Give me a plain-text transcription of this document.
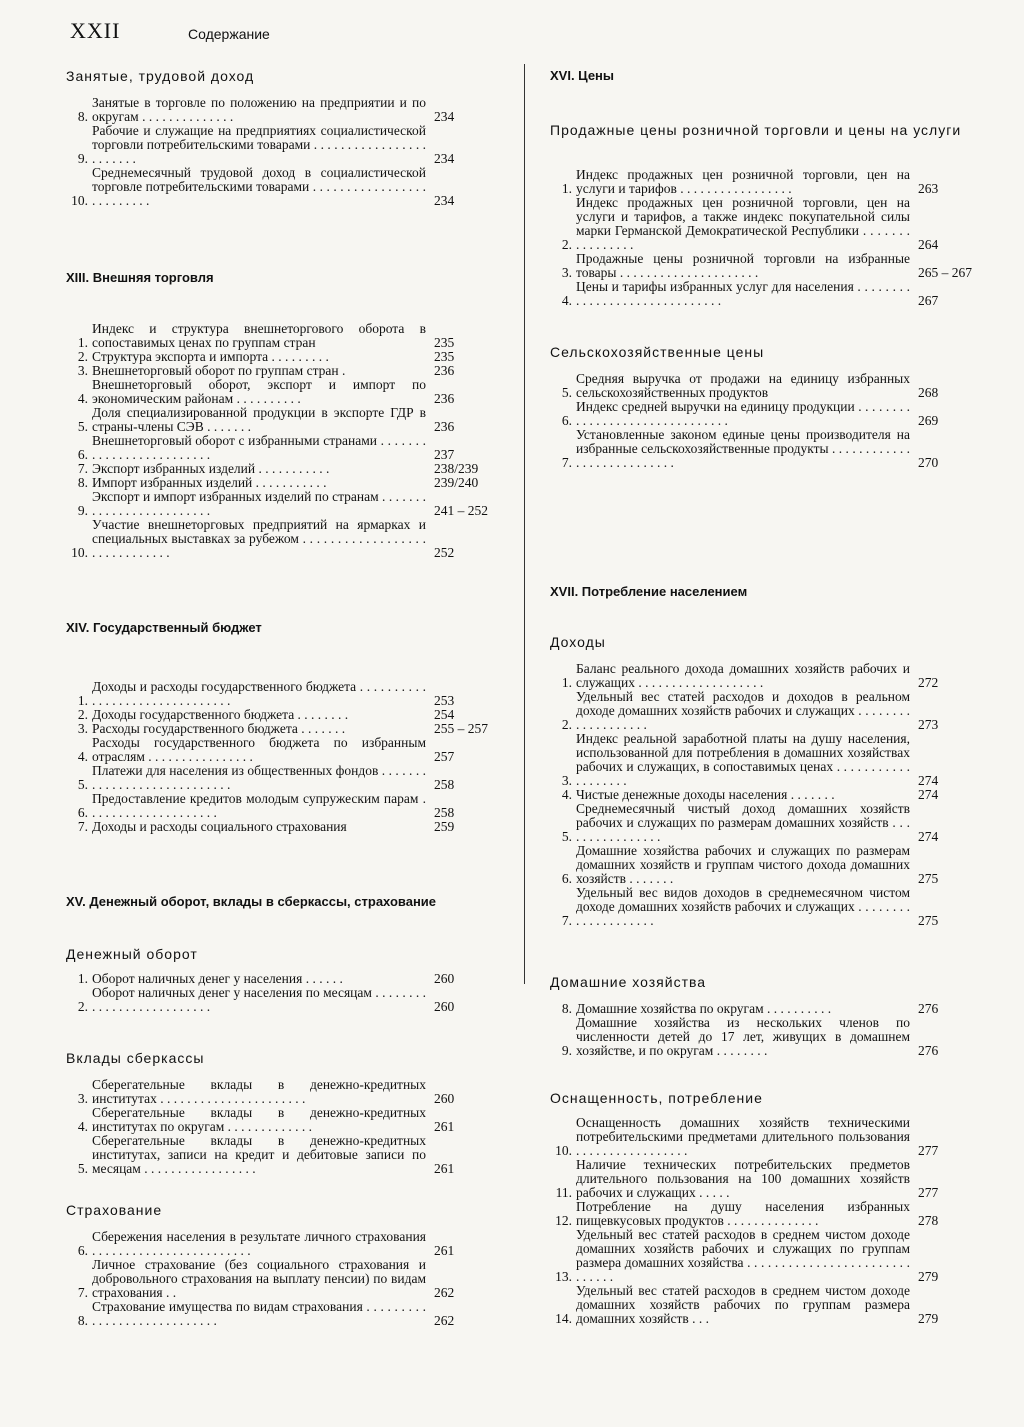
XXII	Содержание
Занятые, трудовой доход
8.
Занятые в торговле по положению на предприятии и по округам . . . . . . . . . . . . . .	234
9.
Рабочие и служащие на предприятиях социалистической торговли потребительскими товарами . . . . . . . . . . . . . . . . . . . . . . . .	234
10.
Среднемесячный трудовой доход в социалистической торговле потребительскими товарами . . . . . . . . . . . . . . . . . . . . . . . . . .	234
XIII. Внешняя торговля
1.
Индекс и структура внешнеторгового оборота в сопоставимых ценах по группам стран	235
2. Структура экспорта и импорта . . . . . . . . .	235
3. Внешнеторговый оборот по группам стран .	236
4.
Внешнеторговый оборот, экспорт и импорт по экономическим районам . . . . . . . . . .	236
5.
Доля специализированной продукции в экспорте ГДР в страны-члены СЭВ . . . . . . .	236
6.
Внешнеторговый оборот с избранными странами . . . . . . . . . . . . . . . . . . . . . . . . .	237
7. Экспорт избранных изделий . . . . . . . . . . .	238/239
8. Импорт избранных изделий . . . . . . . . . . .	239/240
9.
Экспорт и импорт избранных изделий по странам . . . . . . . . . . . . . . . . . . . . . . . . .	241 – 252
10.
Участие внешнеторговых предприятий на ярмарках и специальных выставках за рубежом . . . . . . . . . . . . . . . . . . . . . . . . . . . . . .	252
XIV. Государственный бюджет
1.
Доходы и расходы государственного бюджета . . . . . . . . . . . . . . . . . . . . . . . . . . . . . . .	253
2. Доходы государственного бюджета . . . . . . . .	254
3. Расходы государственного бюджета . . . . . . .	255 – 257
4.
Расходы государственного бюджета по избранным отраслям . . . . . . . . . . . . . . . .	257
5.
Платежи для населения из общественных фондов . . . . . . . . . . . . . . . . . . . . . . . . . . . .	258
6.
Предоставление кредитов молодым супружеским парам . . . . . . . . . . . . . . . . . . . .	258
7. Доходы и расходы социального страхования	259
XV. Денежный оборот, вклады в сберкассы, страхование
Денежный оборот
1. Оборот наличных денег у населения . . . . . .	260
2.
Оборот наличных денег у населения по месяцам . . . . . . . . . . . . . . . . . . . . . . . . . .	260
Вклады сберкассы
3.
Сберегательные вклады в денежно-кредитных институтах . . . . . . . . . . . . . . . . . . . . . .	260
4.
Сберегательные вклады в денежно-кредитных институтах по округам . . . . . . . . . . . . .	261
5.
Сберегательные вклады в денежно-кредитных институтах, записи на кредит и дебитовые записи по месяцам . . . . . . . . . . . . . . . . .	261
Страхование
6.
Сбережения населения в результате личного страхования . . . . . . . . . . . . . . . . . . . . . . . .	261
7.
Личное страхование (без социального страхования и добровольного страхования на выплату пенсии) по видам страхования . .	262
8.
Страхование имущества по видам страхования . . . . . . . . . . . . . . . . . . . . . . . . . . . .	262
XVI. Цены
Продажные цены розничной торговли и цены на услуги
1.
Индекс продажных цен розничной торговли, цен на услуги и тарифов . . . . . . . . . . . . . . . . .	263
2.
Индекс продажных цен розничной торговли, цен на услуги и тарифов, а также индекс покупательной силы марки Германской Демократической Республики . . . . . . . . . . . . . . . .	264
3.
Продажные цены розничной торговли на избранные товары . . . . . . . . . . . . . . . . . . . . .	265 – 267
4.
Цены и тарифы избранных услуг для населения . . . . . . . . . . . . . . . . . . . . . . . . . . . . . .	267
Сельскохозяйственные цены
5.
Средняя выручка от продажи на единицу избранных сельскохозяйственных продуктов	268
6.
Индекс средней выручки на единицу продукции . . . . . . . . . . . . . . . . . . . . . . . . . . . . . . .	269
7.
Установленные законом единые цены производителя на избранные сельскохозяйственные продукты . . . . . . . . . . . . . . . . . . . . . . . . . . .	270
XVII. Потребление населением
Доходы
1.
Баланс реального дохода домашних хозяйств рабочих и служащих . . . . . . . . . . . . . . . . . . .	272
2.
Удельный вес статей расходов и доходов в реальном доходе домашних хозяйств рабочих и служащих . . . . . . . . . . . . . . . . . . .	273
3.
Индекс реальной заработной платы на душу населения, использованной для потребления в домашних хозяйствах рабочих и служащих, в сопоставимых ценах . . . . . . . . . . . . . . . . . . .	274
4. Чистые денежные доходы населения . . . . . . .	274
5.
Среднемесячный чистый доход домашних хозяйств рабочих и служащих по размерам домашних хозяйств . . . . . . . . . . . . . . . .	274
6.
Домашние хозяйства рабочих и служащих по размерам домашних хозяйств и группам чистого дохода домашних хозяйств . . . . . . .	275
7.
Удельный вес видов доходов в среднемесячном чистом доходе домашних хозяйств рабочих и служащих . . . . . . . . . . . . . . . . . . . .	275
Домашние хозяйства
8. Домашние хозяйства по округам . . . . . . . . . .	276
9.
Домашние хозяйства из нескольких членов по численности детей до 17 лет, живущих в домашнем хозяйстве, и по округам . . . . . . . .	276
Оснащенность, потребление
10.
Оснащенность домашних хозяйств техническими потребительскими предметами длительного пользования . . . . . . . . . . . . . . . . .	277
11.
Наличие технических потребительских предметов длительного пользования на 100 домашних хозяйств рабочих и служащих . . . . .	277
12.
Потребление на душу населения избранных пищевкусовых продуктов . . . . . . . . . . . . . .	278
13.
Удельный вес статей расходов в среднем чистом доходе домашних хозяйств рабочих и служащих по группам размера домашних хозяйства . . . . . . . . . . . . . . . . . . . . . . . . . . . . . .	279
14.
Удельный вес статей расходов в среднем чистом доходе домашних хозяйств рабочих по группам размера домашних хозяйств . . .	279
